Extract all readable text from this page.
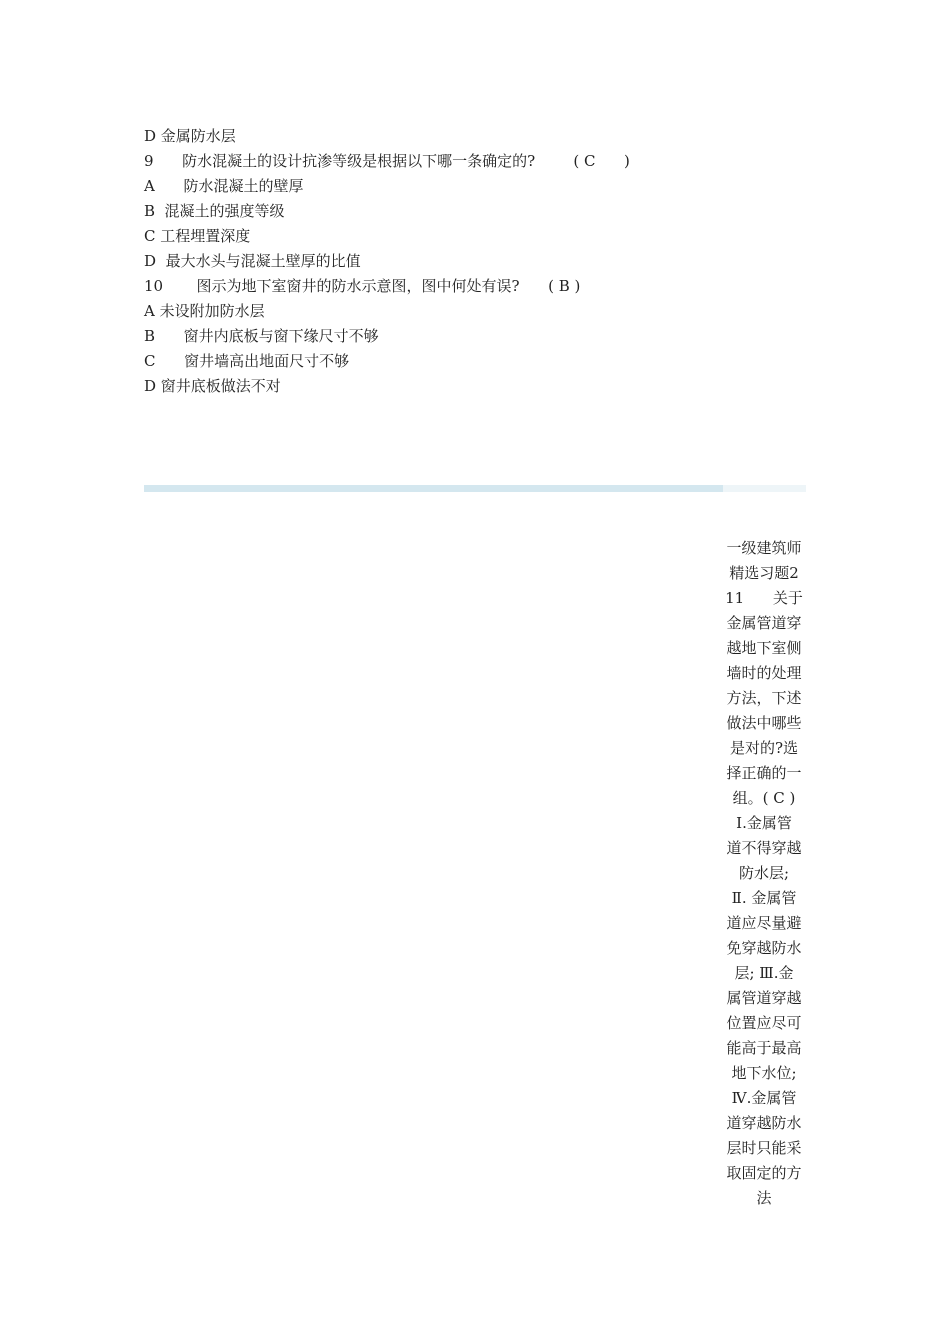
D 金属防水层
9      防水混凝土的设计抗渗等级是根据以下哪一条确定的?        ( C      )
A      防水混凝土的壁厚
B  混凝土的强度等级
C 工程埋置深度
D  最大水头与混凝土壁厚的比值
10       图示为地下室窗井的防水示意图，图中何处有误?      ( B )
A 未设附加防水层
B      窗井内底板与窗下缘尺寸不够
C      窗井墙高出地面尺寸不够
D 窗井底板做法不对
一级建筑师
精选习题2
11      关于
金属管道穿
越地下室侧
墙时的处理
方法，下述
做法中哪些
是对的?选
择正确的一
组。( C )
Ⅰ.金属管
道不得穿越
防水层;
Ⅱ. 金属管
道应尽量避
免穿越防水
层; Ⅲ.金
属管道穿越
位置应尽可
能高于最高
地下水位;
Ⅳ.金属管
道穿越防水
层时只能采
取固定的方
法
